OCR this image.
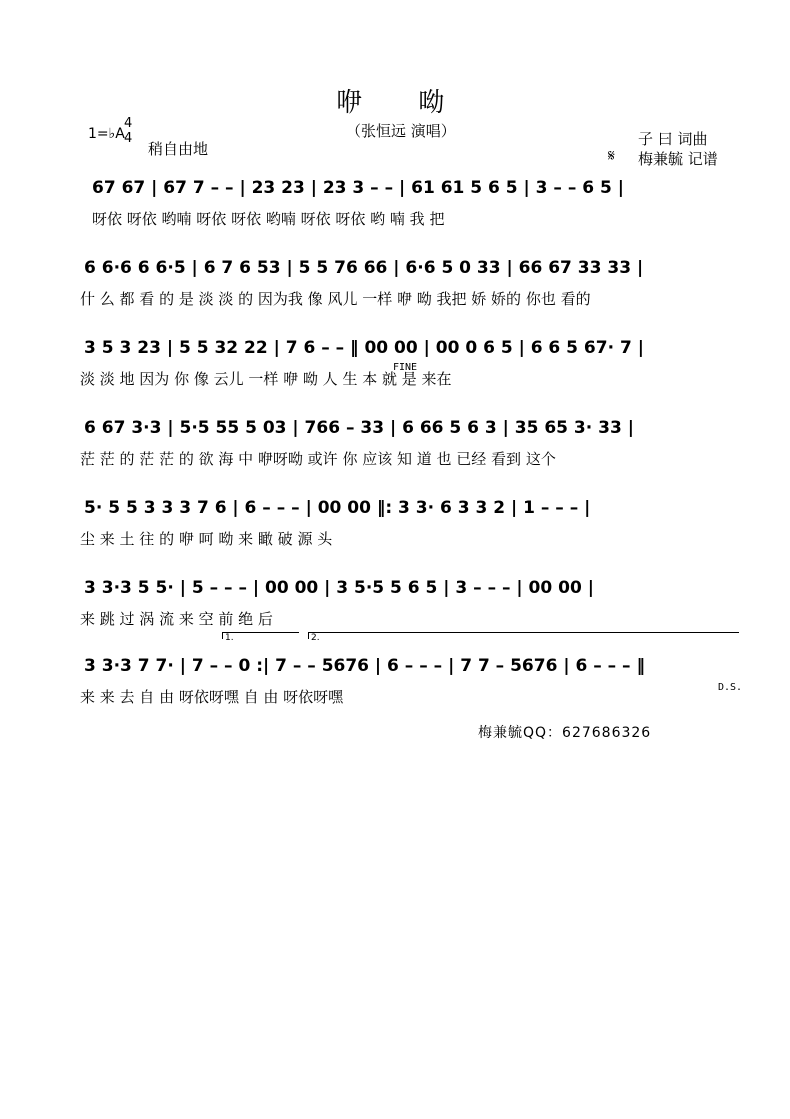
咿 呦
（张恒远 演唱）
1=♭A
4
4
稍自由地
子 曰 词曲
梅兼毓 记谱
𝄋
67 67 | 67 7 – – | 23 23 | 23 3 – – | 61 61 5 6 5 | 3 – – 6 5 |
呀依 呀依 哟喃 呀依 呀依 哟喃 呀依 呀依 哟 喃 我 把
6 6·6 6 6·5 | 6 7 6 53 | 5 5 76 66 | 6·6 5 0 33 | 66 67 33 33 |
什 么 都 看 的 是 淡 淡 的 因为我 像 风儿 一样 咿 呦 我把 娇 娇的 你也 看的
3 5 3 23 | 5 5 32 22 | 7 6 – – ‖ 00 00 | 00 0 6 5 | 6 6 5 67· 7 |
FINE
淡 淡 地 因为 你 像 云儿 一样 咿 呦 人 生 本 就 是 来在
6 67 3·3 | 5·5 55 5 03 | 766 – 33 | 6 66 5 6 3 | 35 65 3· 33 |
茫 茫 的 茫 茫 的 欲 海 中 咿呀呦 或许 你 应该 知 道 也 已经 看到 这个
5· 5 5 3 3 3 7 6 | 6 – – – | 00 00 ‖: 3 3· 6 3 3 2 | 1 – – – |
尘 来 土 往 的 咿 呵 呦 来 瞰 破 源 头
3 3·3 5 5· | 5 – – – | 00 00 | 3 5·5 5 6 5 | 3 – – – | 00 00 |
来 跳 过 涡 流 来 空 前 绝 后
1.	2.
3 3·3 7 7· | 7 – – 0 :| 7 – – 5676 | 6 – – – | 7 7 – 5676 | 6 – – – ‖
D.S.
来 来 去 自 由 呀依呀嘿 自 由 呀依呀嘿
梅兼毓QQ：627686326
